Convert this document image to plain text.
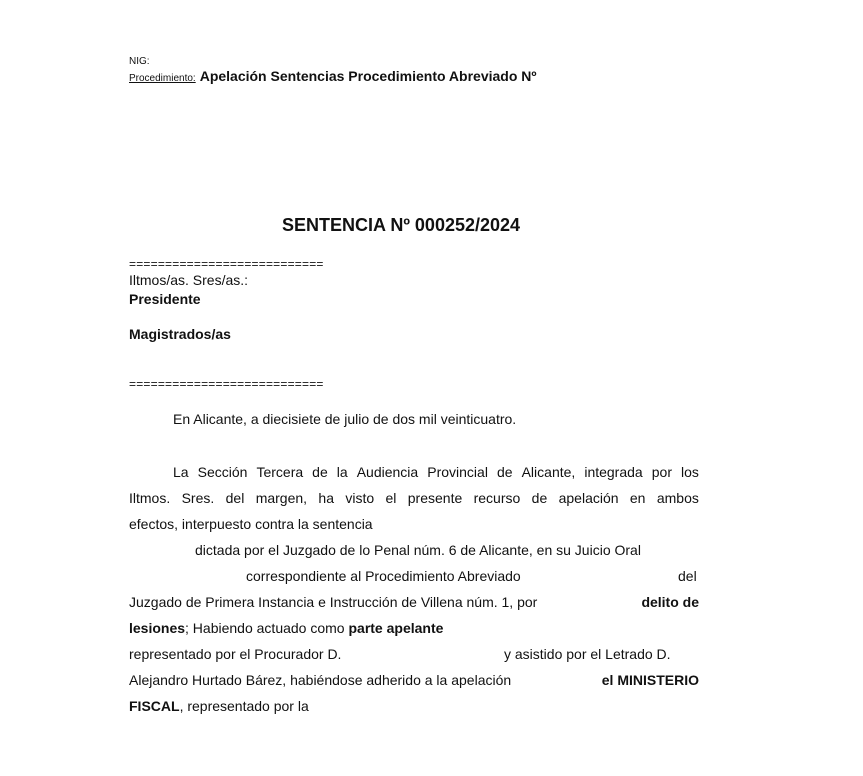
NIG:
Procedimiento: Apelación Sentencias Procedimiento Abreviado Nº
SENTENCIA Nº 000252/2024
===========================
Iltmos/as. Sres/as.:
Presidente
Magistrados/as
===========================
En Alicante, a diecisiete de julio de dos mil veinticuatro.
La Sección Tercera de la Audiencia Provincial de Alicante, integrada por los
Iltmos. Sres. del margen, ha visto el presente recurso de apelación en ambos
efectos, interpuesto contra la sentencia
dictada por el Juzgado de lo Penal núm. 6 de Alicante, en su Juicio Oral
correspondiente al Procedimiento Abreviado	del
Juzgado de Primera Instancia e Instrucción de Villena núm. 1, por	delito de
lesiones; Habiendo actuado como parte apelante
representado por el Procurador D.	y asistido por el Letrado D.
Alejandro Hurtado Bárez, habiéndose adherido a la apelación	el MINISTERIO
FISCAL, representado por la
